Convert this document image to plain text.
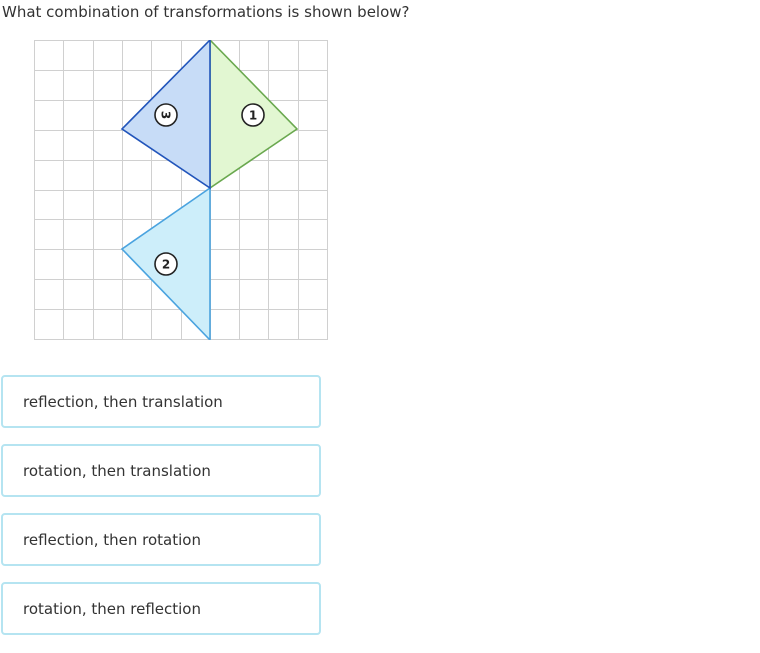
What combination of transformations is shown below?

1
2
3
reflection, then translation
rotation, then translation
reflection, then rotation
rotation, then reflection
